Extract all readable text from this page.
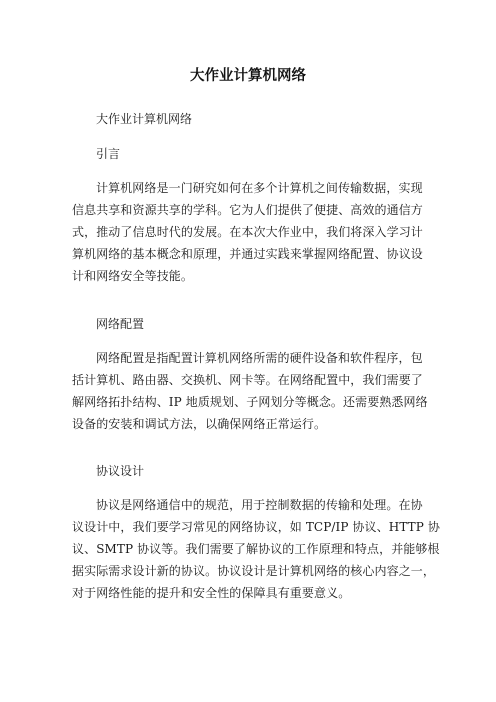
大作业计算机网络
大作业计算机网络
引言
计算机网络是一门研究如何在多个计算机之间传输数据，实现
信息共享和资源共享的学科。它为人们提供了便捷、高效的通信方
式，推动了信息时代的发展。在本次大作业中，我们将深入学习计
算机网络的基本概念和原理，并通过实践来掌握网络配置、协议设
计和网络安全等技能。
网络配置
网络配置是指配置计算机网络所需的硬件设备和软件程序，包
括计算机、路由器、交换机、网卡等。在网络配置中，我们需要了
解网络拓扑结构、IP 地质规划、子网划分等概念。还需要熟悉网络
设备的安装和调试方法，以确保网络正常运行。
协议设计
协议是网络通信中的规范，用于控制数据的传输和处理。在协
议设计中，我们要学习常见的网络协议，如 TCP/IP 协议、HTTP 协
议、SMTP 协议等。我们需要了解协议的工作原理和特点，并能够根
据实际需求设计新的协议。协议设计是计算机网络的核心内容之一，
对于网络性能的提升和安全性的保障具有重要意义。
